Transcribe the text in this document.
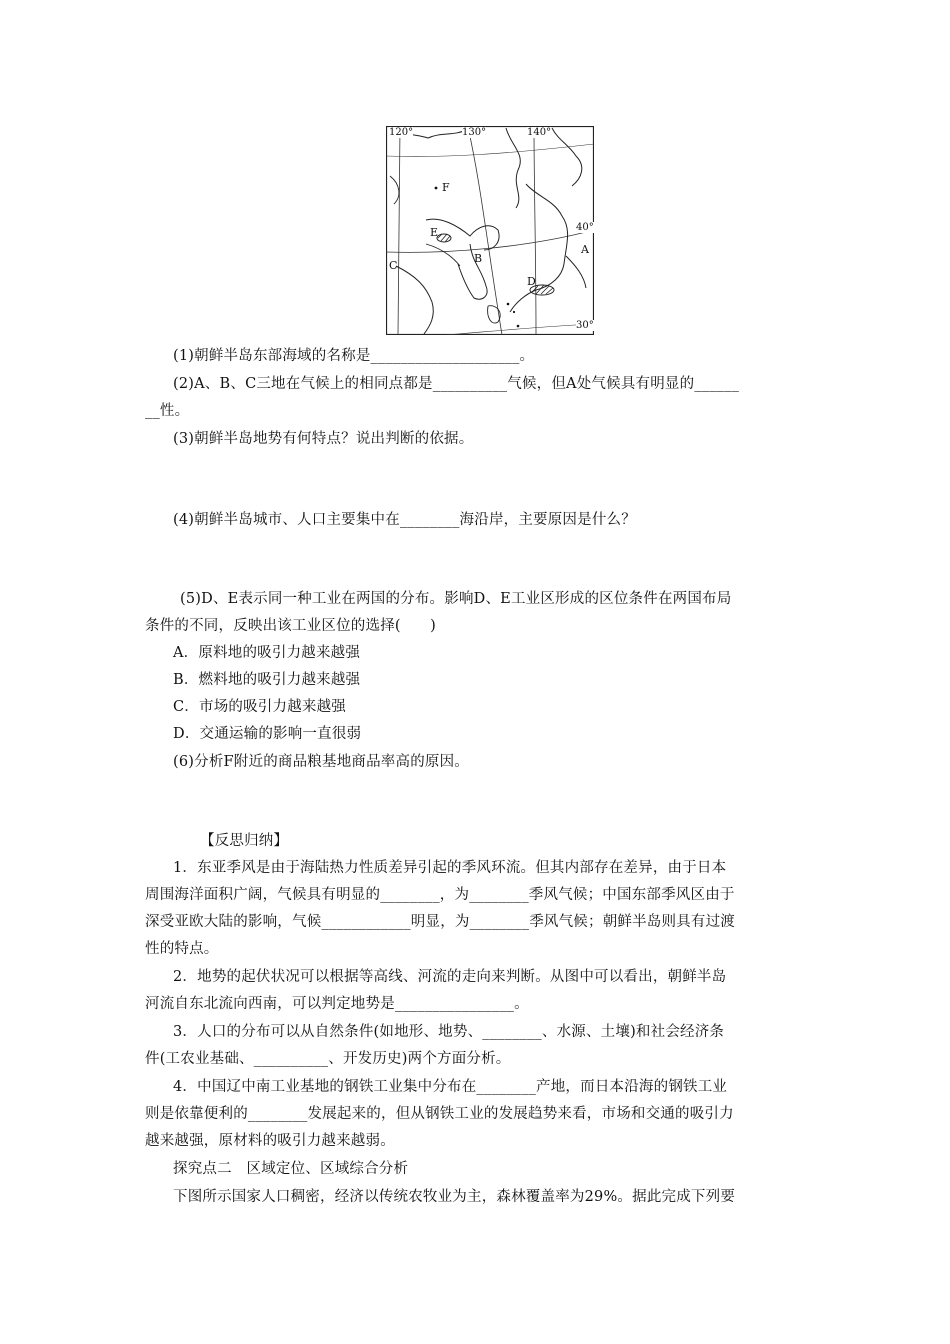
120°	130°	140°
40°
30°
F
E
B
C
D
A
(1)朝鲜半岛东部海域的名称是____________________。
(2)A、B、C三地在气候上的相同点都是__________气候，但A处气候具有明显的______
__性。
(3)朝鲜半岛地势有何特点？说出判断的依据。
(4)朝鲜半岛城市、人口主要集中在________海沿岸，主要原因是什么？
(5)D、E表示同一种工业在两国的分布。影响D、E工业区形成的区位条件在两国布局
条件的不同，反映出该工业区位的选择(　　)
A．原料地的吸引力越来越强
B．燃料地的吸引力越来越强
C．市场的吸引力越来越强
D．交通运输的影响一直很弱
(6)分析F附近的商品粮基地商品率高的原因。
【反思归纳】
1．东亚季风是由于海陆热力性质差异引起的季风环流。但其内部存在差异，由于日本
周围海洋面积广阔，气候具有明显的________，为________季风气候；中国东部季风区由于
深受亚欧大陆的影响，气候____________明显，为________季风气候；朝鲜半岛则具有过渡
性的特点。
2．地势的起伏状况可以根据等高线、河流的走向来判断。从图中可以看出，朝鲜半岛
河流自东北流向西南，可以判定地势是________________。
3．人口的分布可以从自然条件(如地形、地势、________、水源、土壤)和社会经济条
件(工农业基础、__________、开发历史)两个方面分析。
4．中国辽中南工业基地的钢铁工业集中分布在________产地，而日本沿海的钢铁工业
则是依靠便利的________发展起来的，但从钢铁工业的发展趋势来看，市场和交通的吸引力
越来越强，原材料的吸引力越来越弱。
探究点二　区域定位、区域综合分析
下图所示国家人口稠密，经济以传统农牧业为主，森林覆盖率为29%。据此完成下列要
